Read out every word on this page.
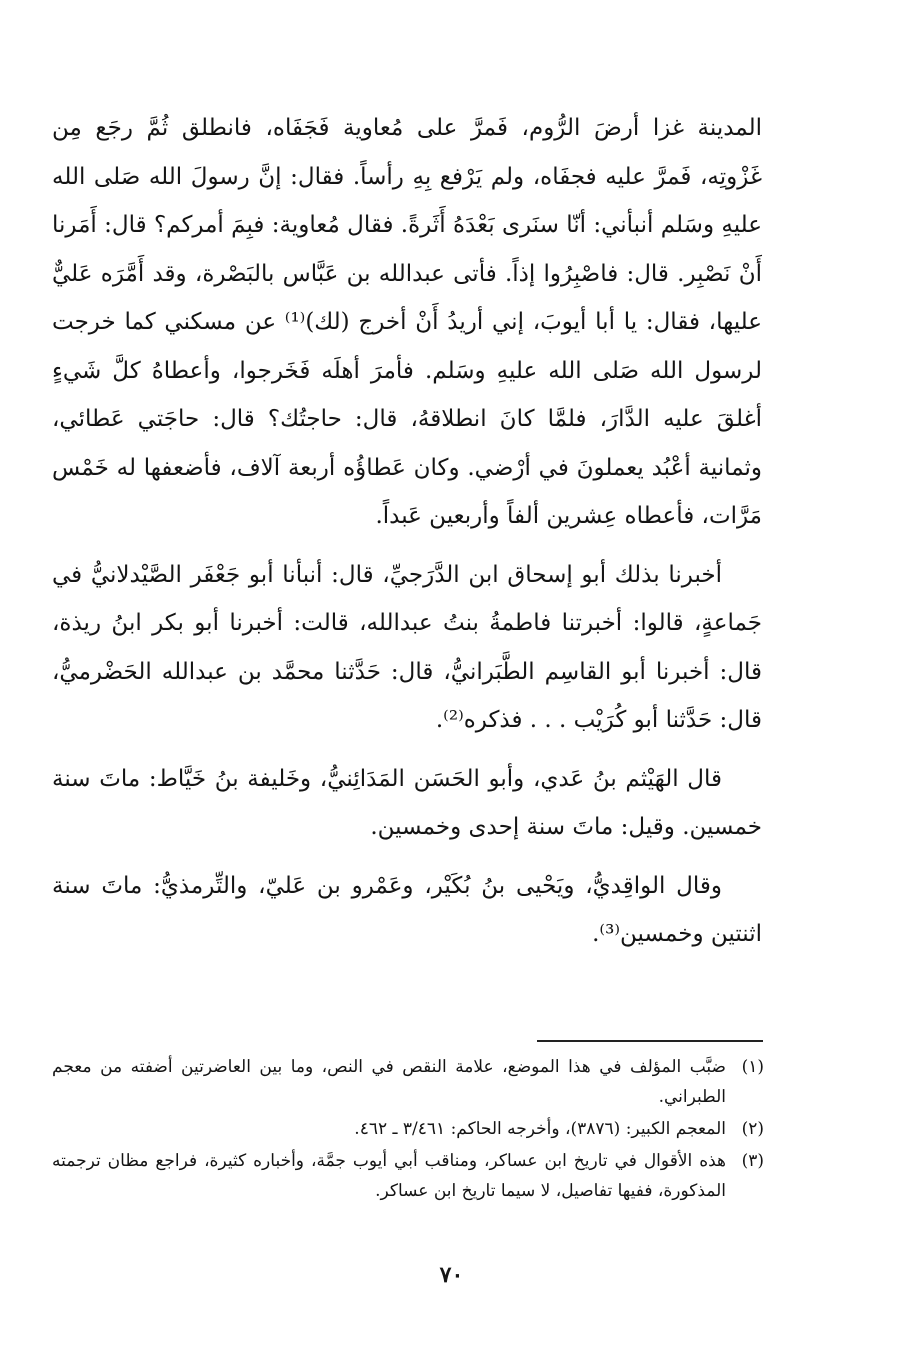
المدينة غزا أرضَ الرُّوم، فَمرَّ على مُعاوية فَجَفَاه، فانطلق ثُمَّ رجَع مِن غَزْوتِه، فَمرَّ عليه فجفَاه، ولم يَرْفع بِهِ رأساً. فقال: إنَّ رسولَ الله صَلى الله عليهِ وسَلم أنبأني: أنّا سنَرى بَعْدَهُ أَثَرةً. فقال مُعاوية: فبِمَ أمركم؟ قال: أَمَرنا أَنْ نَصْبِر. قال: فاصْبِرُوا إذاً. فأتى عبدالله بن عَبَّاس بالبَصْرة، وقد أَمَّرَه عَليٌّ عليها، فقال: يا أبا أيوبَ، إني أريدُ أَنْ أخرج (لك)⁽¹⁾ عن مسكني كما خرجت لرسول الله صَلى الله عليهِ وسَلم. فأمرَ أهلَه فَخَرجوا، وأعطاهُ كلَّ شَيءٍ أغلقَ عليه الدَّارَ، فلمَّا كانَ انطلاقهُ، قال: حاجتُك؟ قال: حاجَتي عَطائي، وثمانية أعْبُد يعملونَ في أرْضي. وكان عَطاؤُه أربعة آلاف، فأضعفها له خَمْس مَرَّات، فأعطاه عِشرين ألفاً وأربعين عَبداً.

أخبرنا بذلك أبو إسحاق ابن الدَّرَجيِّ، قال: أنبأنا أبو جَعْفَر الصَّيْدلانيُّ في جَماعةٍ، قالوا: أخبرتنا فاطمةُ بنتُ عبدالله، قالت: أخبرنا أبو بكر ابنُ ريذة، قال: أخبرنا أبو القاسِم الطَّبَرانيُّ، قال: حَدَّثنا محمَّد بن عبدالله الحَضْرميُّ، قال: حَدَّثنا أبو كُرَيْب . . . فذكره⁽²⁾.

قال الهَيْثم بنُ عَدي، وأبو الحَسَن المَدَائِنيُّ، وخَليفة بنُ خَيَّاط: ماتَ سنة خمسين. وقيل: ماتَ سنة إحدى وخمسين.

وقال الواقِديُّ، ويَحْيى بنُ بُكَيْر، وعَمْرو بن عَليّ، والتِّرمذيُّ: ماتَ سنة اثنتين وخمسين⁽³⁾.

(١)
ضبَّب المؤلف في هذا الموضع، علامة النقص في النص، وما بين العاضرتين أضفته من معجم الطبراني.
(٢)
المعجم الكبير: (٣٨٧٦)، وأخرجه الحاكم: ٣/٤٦١ ـ ٤٦٢.
(٣)
هذه الأقوال في تاريخ ابن عساكر، ومناقب أبي أيوب جمَّة، وأخباره كثيرة، فراجع مظان ترجمته المذكورة، ففيها تفاصيل، لا سيما تاريخ ابن عساكر.
٧٠
